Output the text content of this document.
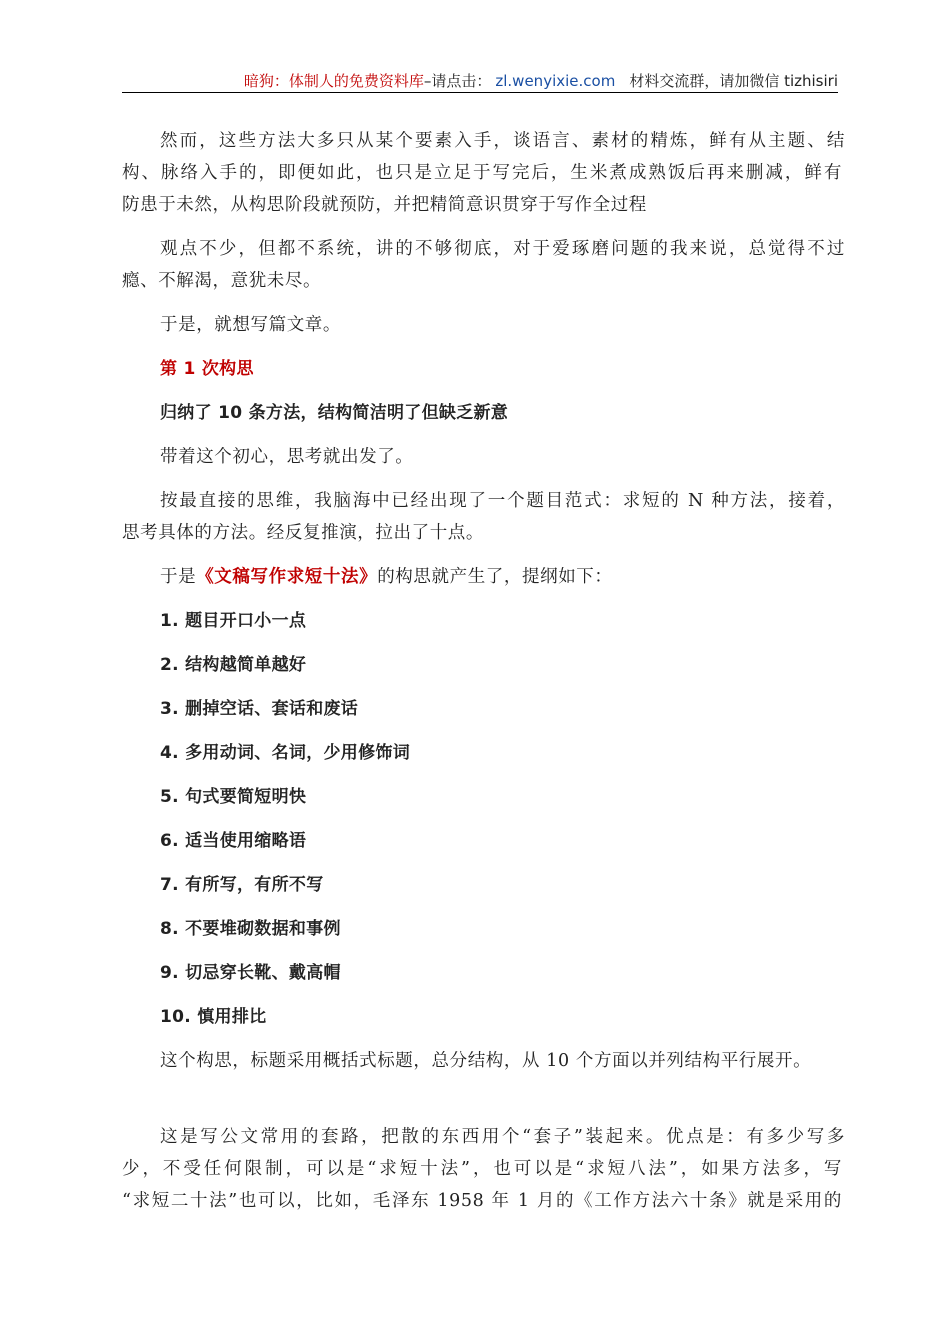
暗狗：体制人的免费资料库–请点击： zl.wenyixie.com 材料交流群，请加微信 tizhisiri
然而，这些方法大多只从某个要素入手，谈语言、素材的精炼，鲜有从主题、结
构、脉络入手的，即便如此，也只是立足于写完后，生米煮成熟饭后再来删减，鲜有
防患于未然，从构思阶段就预防，并把精简意识贯穿于写作全过程
观点不少，但都不系统，讲的不够彻底，对于爱琢磨问题的我来说，总觉得不过
瘾、不解渴，意犹未尽。
于是，就想写篇文章。
第 1 次构思
归纳了 10 条方法，结构简洁明了但缺乏新意
带着这个初心，思考就出发了。
按最直接的思维，我脑海中已经出现了一个题目范式：求短的 N 种方法，接着，
思考具体的方法。经反复推演，拉出了十点。
于是《文稿写作求短十法》的构思就产生了，提纲如下：
1. 题目开口小一点
2. 结构越简单越好
3. 删掉空话、套话和废话
4. 多用动词、名词，少用修饰词
5. 句式要简短明快
6. 适当使用缩略语
7. 有所写，有所不写
8. 不要堆砌数据和事例
9. 切忌穿长靴、戴高帽
10. 慎用排比
这个构思，标题采用概括式标题，总分结构，从 10 个方面以并列结构平行展开。
这是写公文常用的套路，把散的东西用个“套子”装起来。优点是：有多少写多
少，不受任何限制，可以是“求短十法”，也可以是“求短八法”，如果方法多，写
“求短二十法”也可以，比如，毛泽东 1958 年 1 月的《工作方法六十条》就是采用的
